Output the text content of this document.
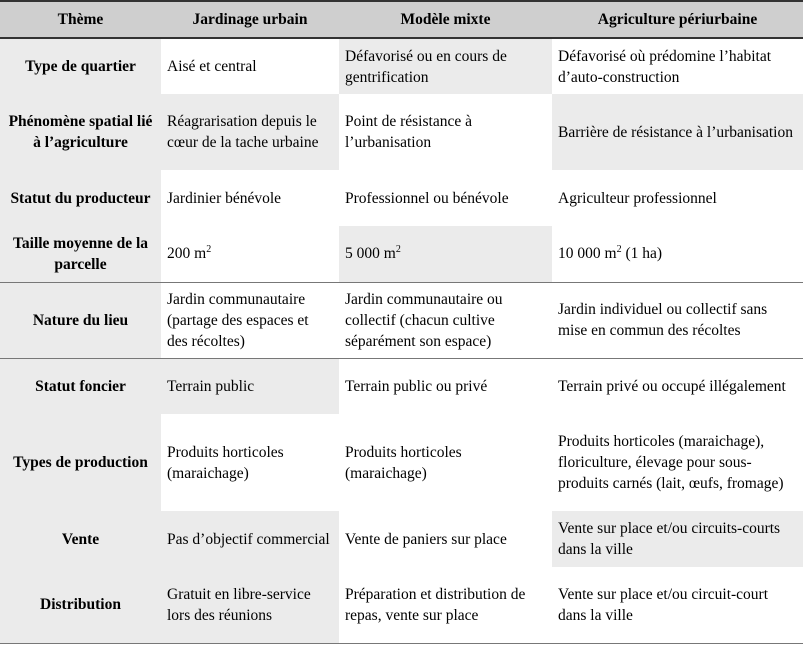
Thème	Jardinage urbain	Modèle mixte	Agriculture périurbaine
Type de quartier	Aisé et central	Défavorisé ou en cours de gentrification	Défavorisé où prédomine l’habitat d’auto-construction
Phénomène spatial lié à l’agriculture	Réagrarisation depuis le cœur de la tache urbaine	Point de résistance à l’urbanisation	Barrière de résistance à l’urbanisation
Statut du producteur	Jardinier bénévole	Professionnel ou bénévole	Agriculteur professionnel
Taille moyenne de la parcelle	200 $m^2$	5 000 $m^2$	10 000 $m^2$ (1 ha)
Nature du lieu	Jardin communautaire (partage des espaces et des récoltes)	Jardin communautaire ou collectif (chacun cultive séparément son espace)	Jardin individuel ou collectif sans mise en commun des récoltes
Statut foncier	Terrain public	Terrain public ou privé	Terrain privé ou occupé illégalement
Types de production	Produits horticoles (maraichage)	Produits horticoles (maraichage)	Produits horticoles (maraichage), floriculture, élevage pour sous-produits carnés (lait, œufs, fromage)
Vente	Pas d’objectif commercial	Vente de paniers sur place	Vente sur place et/ou circuits-courts dans la ville
Distribution	Gratuit en libre-service lors des réunions	Préparation et distribution de repas, vente sur place	Vente sur place et/ou circuit-court dans la ville
